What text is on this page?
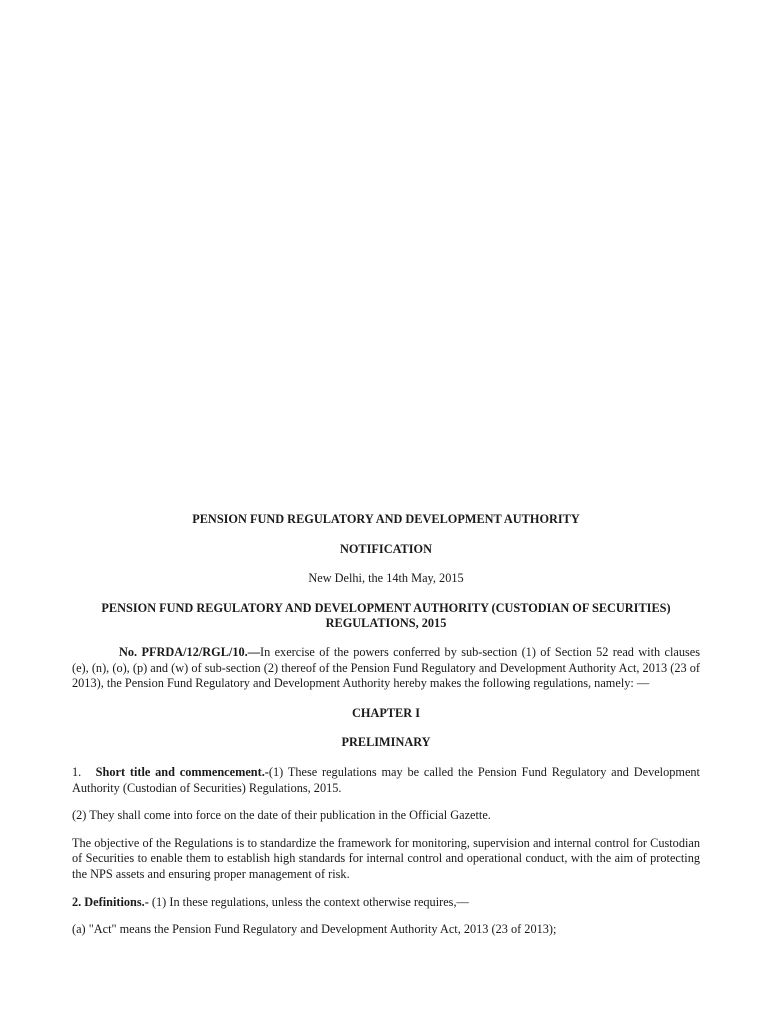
PENSION FUND REGULATORY AND DEVELOPMENT AUTHORITY

NOTIFICATION

New Delhi, the 14th May, 2015

PENSION FUND REGULATORY AND DEVELOPMENT AUTHORITY (CUSTODIAN OF SECURITIES) REGULATIONS, 2015

No. PFRDA/12/RGL/10.—In exercise of the powers conferred by sub-section (1) of Section 52 read with clauses (e), (n), (o), (p) and (w) of sub-section (2) thereof of the Pension Fund Regulatory and Development Authority Act, 2013 (23 of 2013), the Pension Fund Regulatory and Development Authority hereby makes the following regulations, namely: —

CHAPTER I

PRELIMINARY

1. Short title and commencement.-(1) These regulations may be called the Pension Fund Regulatory and Development Authority (Custodian of Securities) Regulations, 2015.

(2) They shall come into force on the date of their publication in the Official Gazette.

The objective of the Regulations is to standardize the framework for monitoring, supervision and internal control for Custodian of Securities to enable them to establish high standards for internal control and operational conduct, with the aim of protecting the NPS assets and ensuring proper management of risk.

2. Definitions.- (1) In these regulations, unless the context otherwise requires,—

(a) "Act" means the Pension Fund Regulatory and Development Authority Act, 2013 (23 of 2013);
